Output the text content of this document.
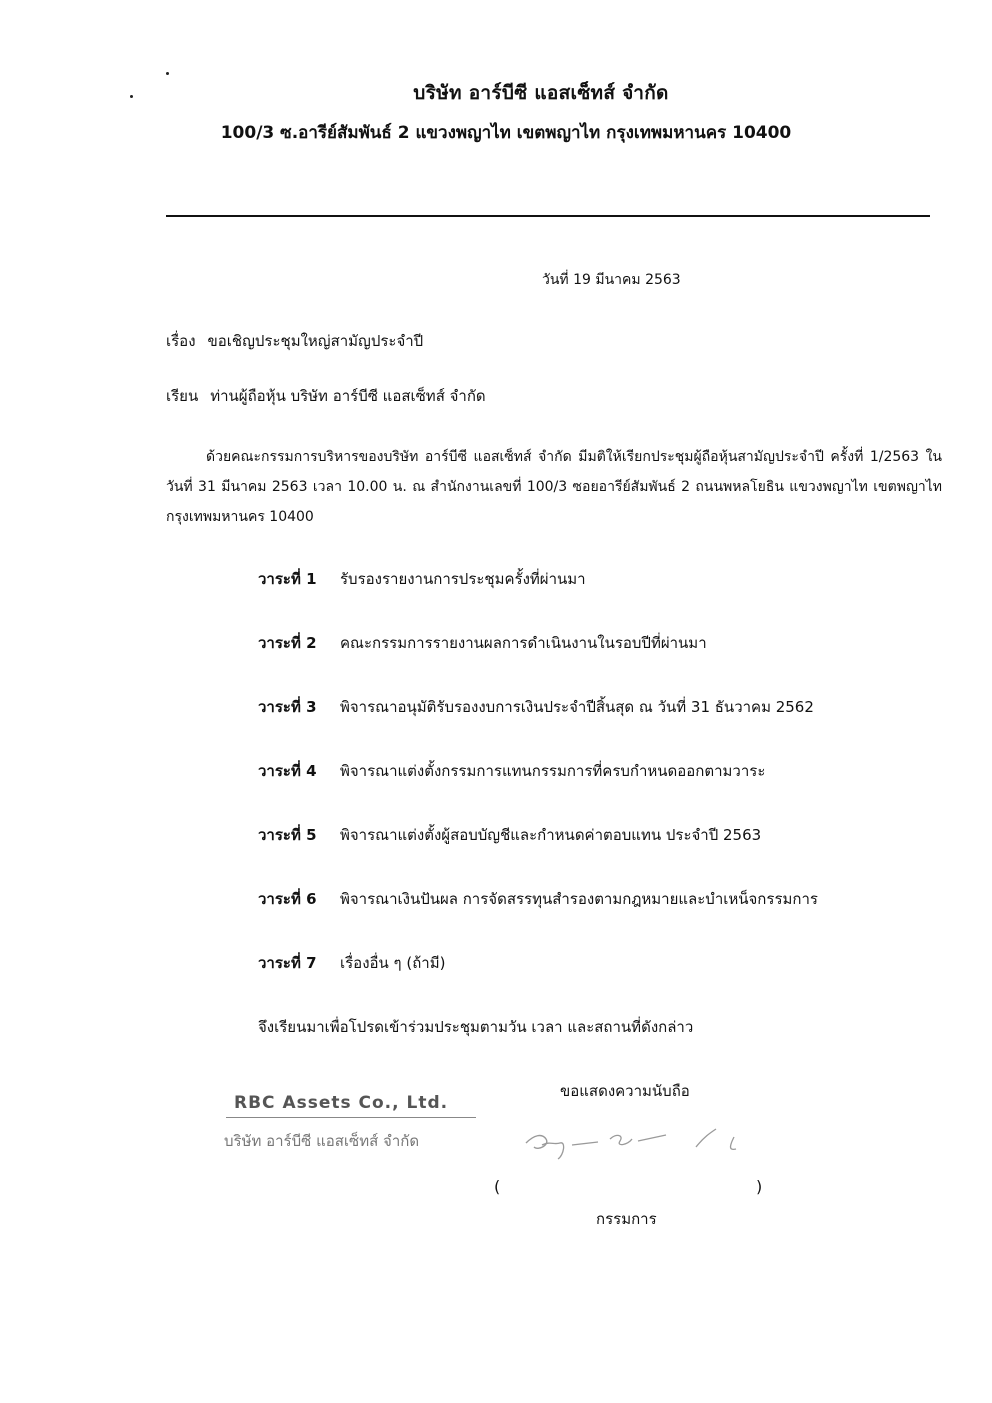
บริษัท อาร์บีซี แอสเซ็ทส์ จำกัด
100/3 ซ.อารีย์สัมพันธ์ 2 แขวงพญาไท เขตพญาไท กรุงเทพมหานคร 10400
วันที่ 19 มีนาคม 2563
เรื่อง ขอเชิญประชุมใหญ่สามัญประจำปี
เรียน ท่านผู้ถือหุ้น บริษัท อาร์บีซี แอสเซ็ทส์ จำกัด
ด้วยคณะกรรมการบริหารของบริษัท อาร์บีซี แอสเซ็ทส์ จำกัด มีมติให้เรียกประชุมผู้ถือหุ้นสามัญประจำปี ครั้งที่ 1/2563 ในวันที่ 31 มีนาคม 2563 เวลา 10.00 น. ณ สำนักงานเลขที่ 100/3 ซอยอารีย์สัมพันธ์ 2 ถนนพหลโยธิน แขวงพญาไท เขตพญาไท กรุงเทพมหานคร 10400
วาระที่ 1 รับรองรายงานการประชุมครั้งที่ผ่านมา
วาระที่ 2 คณะกรรมการรายงานผลการดำเนินงานในรอบปีที่ผ่านมา
วาระที่ 3 พิจารณาอนุมัติรับรองงบการเงินประจำปีสิ้นสุด ณ วันที่ 31 ธันวาคม 2562
วาระที่ 4 พิจารณาแต่งตั้งกรรมการแทนกรรมการที่ครบกำหนดออกตามวาระ
วาระที่ 5 พิจารณาแต่งตั้งผู้สอบบัญชีและกำหนดค่าตอบแทน ประจำปี 2563
วาระที่ 6 พิจารณาเงินปันผล การจัดสรรทุนสำรองตามกฎหมายและบำเหน็จกรรมการ
วาระที่ 7 เรื่องอื่น ๆ (ถ้ามี)
จึงเรียนมาเพื่อโปรดเข้าร่วมประชุมตามวัน เวลา และสถานที่ดังกล่าว
ขอแสดงความนับถือ
RBC Assets Co., Ltd.
บริษัท อาร์บีซี แอสเซ็ทส์ จำกัด
(	)
กรรมการ
